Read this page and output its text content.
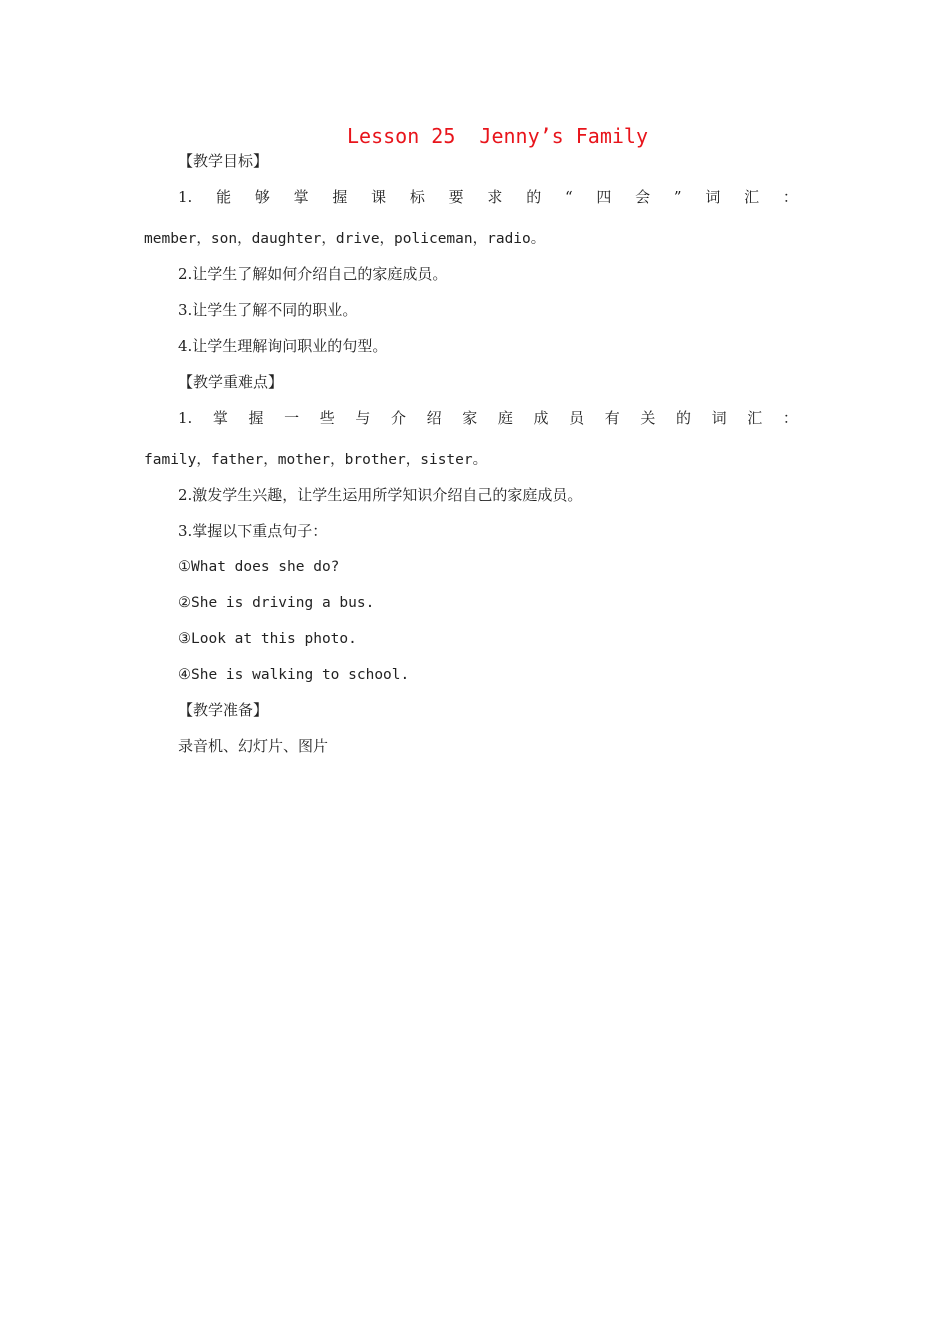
Lesson 25  Jenny’s Family
【教学目标】
1. 能 够 掌 握 课 标 要 求 的 “ 四 会 ” 词 汇 ：
member，son，daughter，drive，policeman，radio。
2.让学生了解如何介绍自己的家庭成员。
3.让学生了解不同的职业。
4.让学生理解询问职业的句型。
【教学重难点】
1. 掌 握 一 些 与 介 绍 家 庭 成 员 有 关 的 词 汇 ：
family，father，mother，brother，sister。
2.激发学生兴趣，让学生运用所学知识介绍自己的家庭成员。
3.掌握以下重点句子：
①What does she do?
②She is driving a bus.
③Look at this photo.
④She is walking to school.
【教学准备】
录音机、幻灯片、图片
